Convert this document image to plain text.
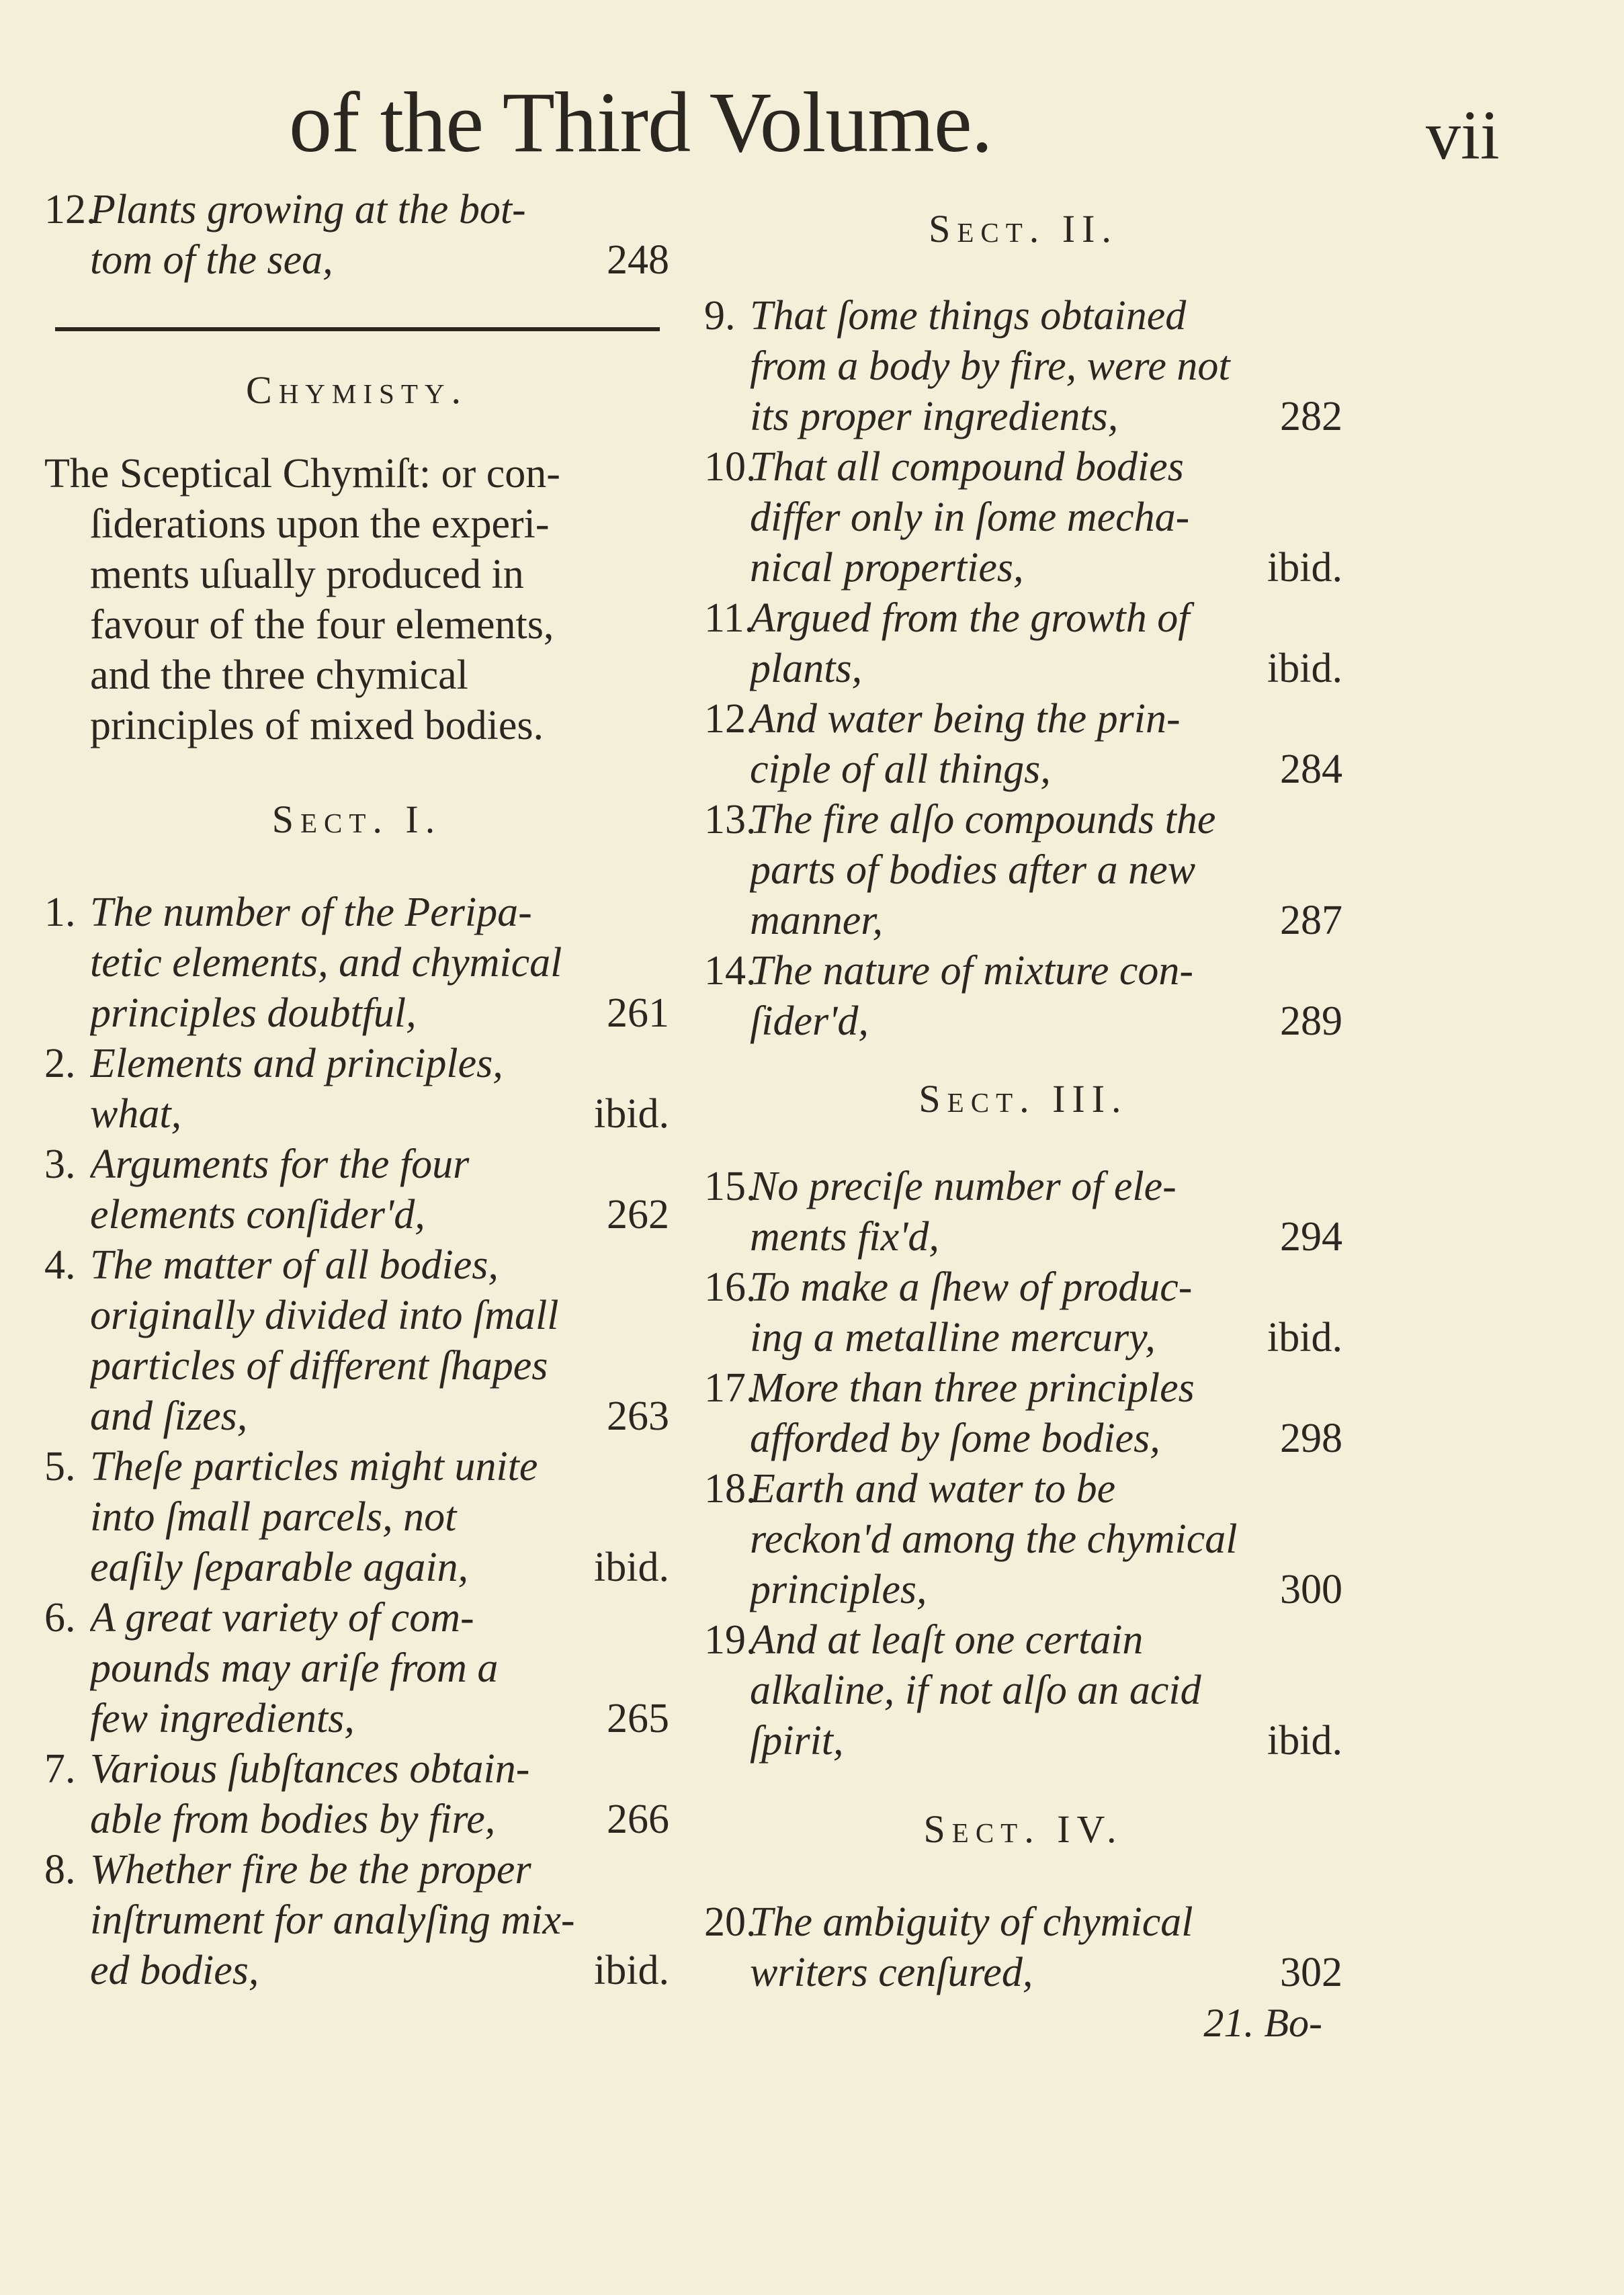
of the Third Volume.	vii
12.
Plants growing at the bot-
tom of the sea,	248
Chymisty.
The Sceptical Chymiſt: or con-
ſiderations upon the experi-
ments uſually produced in
favour of the four elements,
and the three chymical
principles of mixed bodies.
Sect. I.
1. The number of the Peripa-
tetic elements, and chymical
principles doubtful,	261
2. Elements and principles,
what,	ibid.
3. Arguments for the four
elements conſider'd,	262
4. The matter of all bodies,
originally divided into ſmall
particles of different ſhapes
and ſizes,	263
5. Theſe particles might unite
into ſmall parcels, not
eaſily ſeparable again,	ibid.
6. A great variety of com-
pounds may ariſe from a
few ingredients,	265
7. Various ſubſtances obtain-
able from bodies by fire,	266
8. Whether fire be the proper
inſtrument for analyſing mix-
ed bodies,	ibid.
Sect. II.
9. That ſome things obtained
from a body by fire, were not
its proper ingredients,	282
10.
That all compound bodies
differ only in ſome mecha-
nical properties,	ibid.
11.
Argued from the growth of
plants,	ibid.
12.
And water being the prin-
ciple of all things,	284
13.
The fire alſo compounds the
parts of bodies after a new
manner,	287
14.
The nature of mixture con-
ſider'd,	289
Sect. III.
15.
No preciſe number of ele-
ments fix'd,	294
16.
To make a ſhew of produc-
ing a metalline mercury,	ibid.
17.
More than three principles
afforded by ſome bodies,	298
18.
Earth and water to be
reckon'd among the chymical
principles,	300
19.
And at leaſt one certain
alkaline, if not alſo an acid
ſpirit,	ibid.
Sect. IV.
20.
The ambiguity of chymical
writers cenſured,	302
21. Bo-
